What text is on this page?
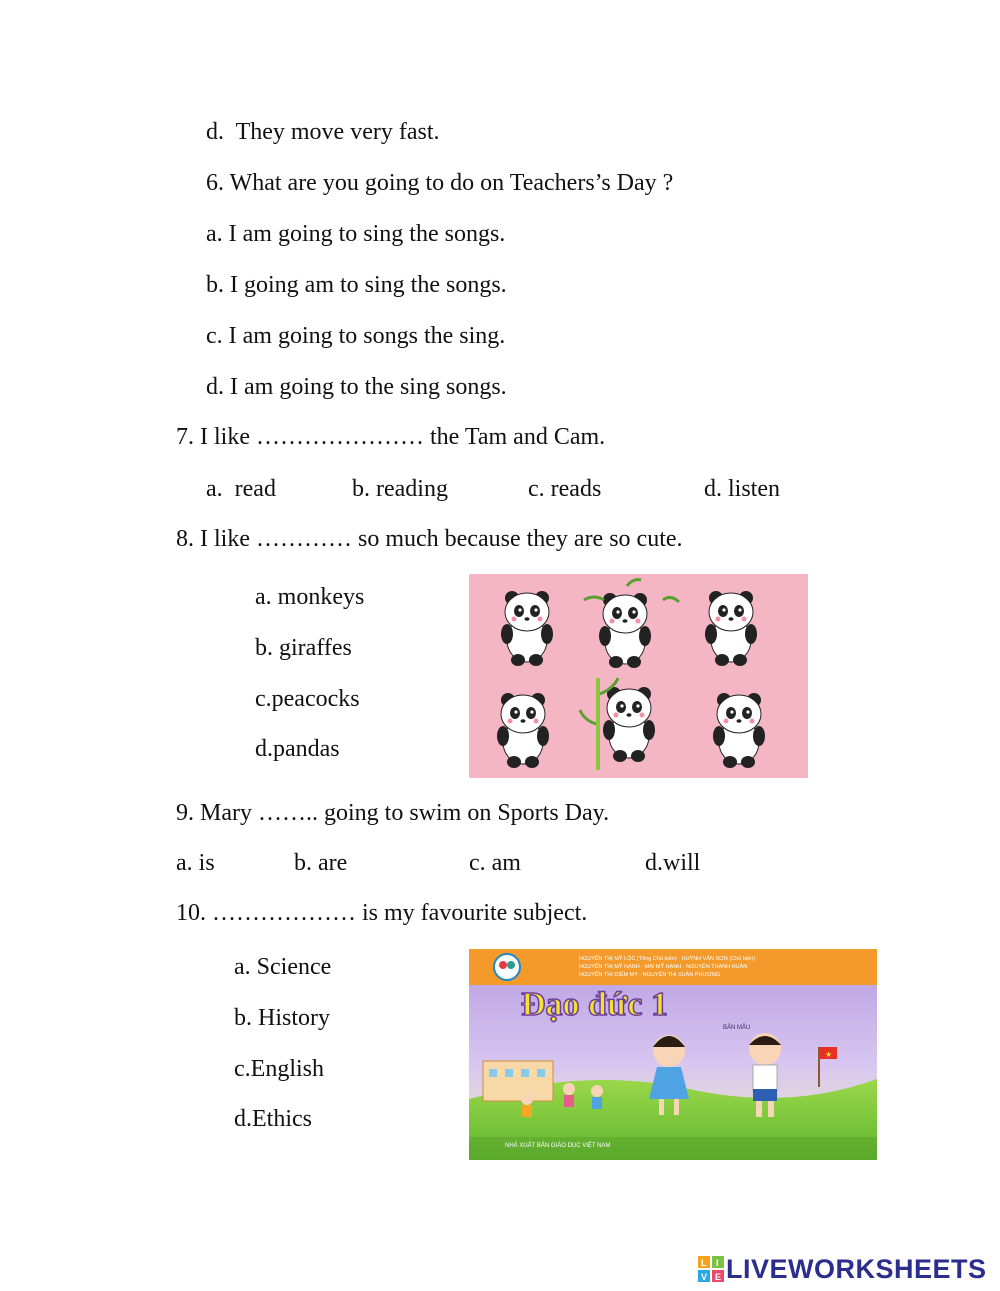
d.  They move very fast.
6. What are you going to do on Teachers’s Day ?
a. I am going to sing the songs.
b. I going am to sing the songs.
c. I am going to songs the sing.
d. I am going to the sing songs.
7. I like ………………… the Tam and Cam.
a.  read	b. reading	c. reads	d. listen
8. I like ………… so much because they are so cute.
a. monkeys
b. giraffes
c.peacocks
d.pandas
9. Mary …….. going to swim on Sports Day.
a. is	b. are	c. am	d.will
10. ……………… is my favourite subject.
a. Science
b. History
c.English
d.Ethics
NGUYỄN THỊ MỸ LỘC (Tổng Chủ biên) · HUỲNH VĂN SƠN (Chủ biên)
NGUYỄN THỊ MỸ HẠNH · MAI MỸ HẠNH · NGUYỄN THANH HUÂN
NGUYỄN THỊ DIỄM MY · NGUYỄN THỊ XUÂN PHƯƠNG
Đạo đức 1
BẢN MẪU
★
NHÀ XUẤT BẢN GIÁO DỤC VIỆT NAM
L I
V E LIVEWORKSHEETS
